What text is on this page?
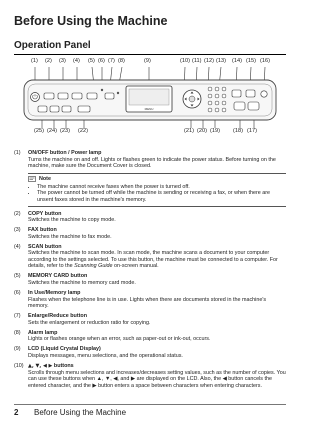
Before Using the Machine
Operation Panel
(1) (2) (3) (4) (5) (6) (7) (8)	(9)	(10) (11) (12) (13) (14) (15) (16)
MENU
(25) (24) (23) (22)	(21) (20) (19) (18) (17)
(1)	ON/OFF button / Power lamp
Turns the machine on and off. Lights or flashes green to indicate the power status. Before turning on the machine, make sure the Document Cover is closed.
Note
• The machine cannot receive faxes when the power is turned off.
• The power cannot be turned off while the machine is sending or receiving a fax, or when there are unsent faxes stored in the machine's memory.
(2)	COPY button
Switches the machine to copy mode.
(3)	FAX button
Switches the machine to fax mode.
(4)	SCAN button
Switches the machine to scan mode. In scan mode, the machine scans a document to your computer according to the settings selected. To use this button, the machine must be connected to a computer. For details, refer to the Scanning Guide on-screen manual.
(5)	MEMORY CARD button
Switches the machine to memory card mode.
(6)	In Use/Memory lamp
Flashes when the telephone line is in use. Lights when there are documents stored in the machine's memory.
(7)	Enlarge/Reduce button
Sets the enlargement or reduction ratio for copying.
(8)	Alarm lamp
Lights or flashes orange when an error, such as paper-out or ink-out, occurs.
(9)	LCD (Liquid Crystal Display)
Displays messages, menu selections, and the operational status.
(10) ▲, ▼, ◀ ▶ buttons
Scrolls through menu selections and increases/decreases setting values, such as the number of copies. You can use these buttons when ▲, ▼, ◀, and ▶ are displayed on the LCD. Also, the ◀ button cancels the entered character, and the ▶ button enters a space between characters when entering characters.
2	Before Using the Machine
